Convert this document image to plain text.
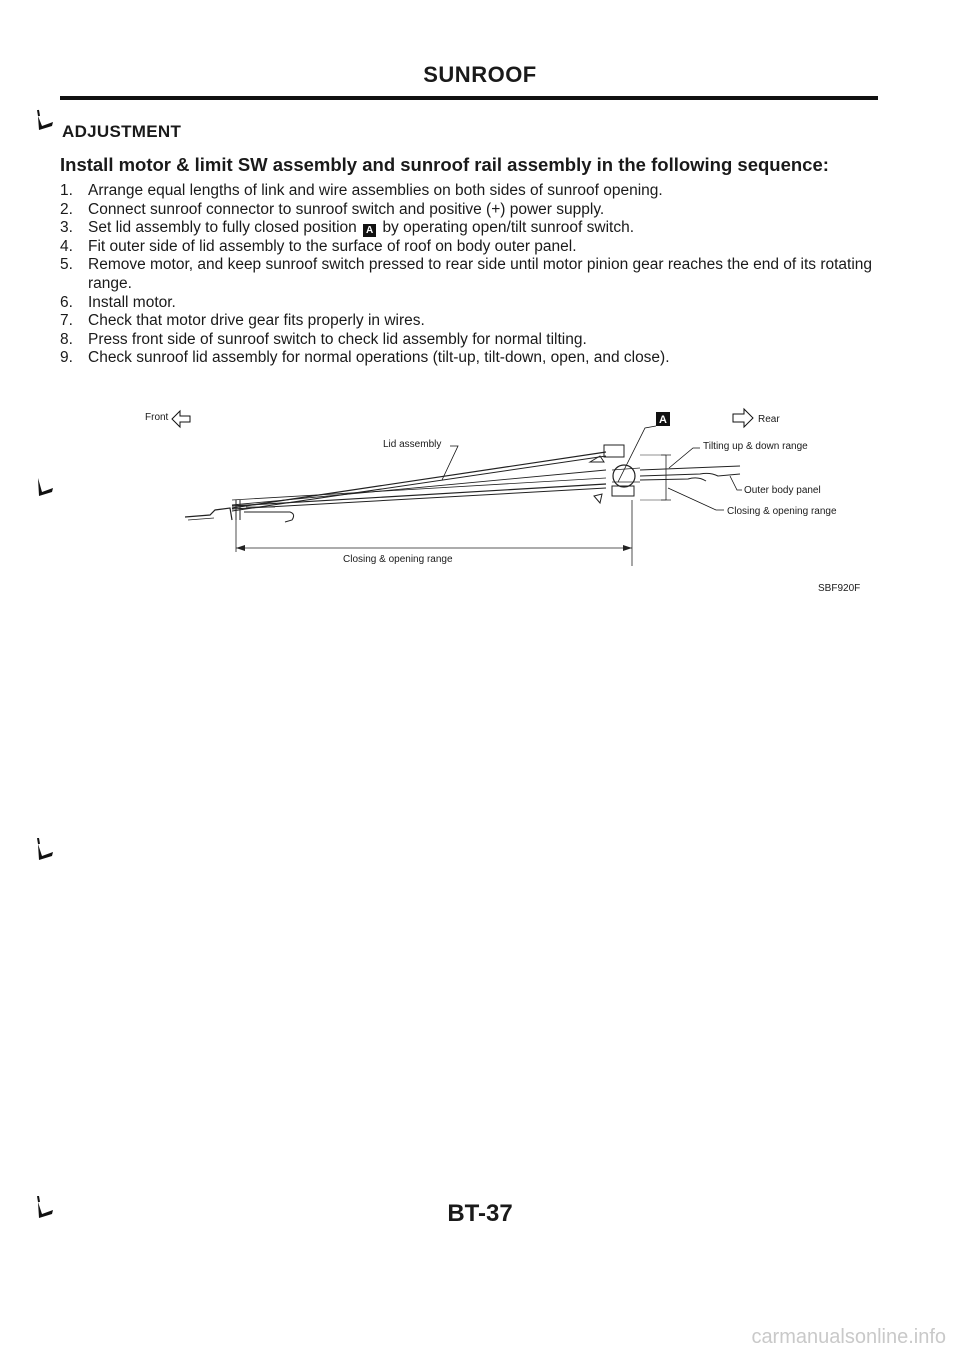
SUNROOF
ADJUSTMENT
Install motor & limit SW assembly and sunroof rail assembly in the following sequence:
1. Arrange equal lengths of link and wire assemblies on both sides of sunroof opening.
2. Connect sunroof connector to sunroof switch and positive (+) power supply.
3. Set lid assembly to fully closed position A by operating open/tilt sunroof switch.
4. Fit outer side of lid assembly to the surface of roof on body outer panel.
5. Remove motor, and keep sunroof switch pressed to rear side until motor pinion gear reaches the end of its rotating range.
6. Install motor.
7. Check that motor drive gear fits properly in wires.
8. Press front side of sunroof switch to check lid assembly for normal tilting.
9. Check sunroof lid assembly for normal operations (tilt-up, tilt-down, open, and close).
Front	Rear
A
Lid assembly	Tilting up & down range
Outer body panel
Closing & opening range
Closing & opening range
SBF920F
BT-37
carmanualsonline.info
